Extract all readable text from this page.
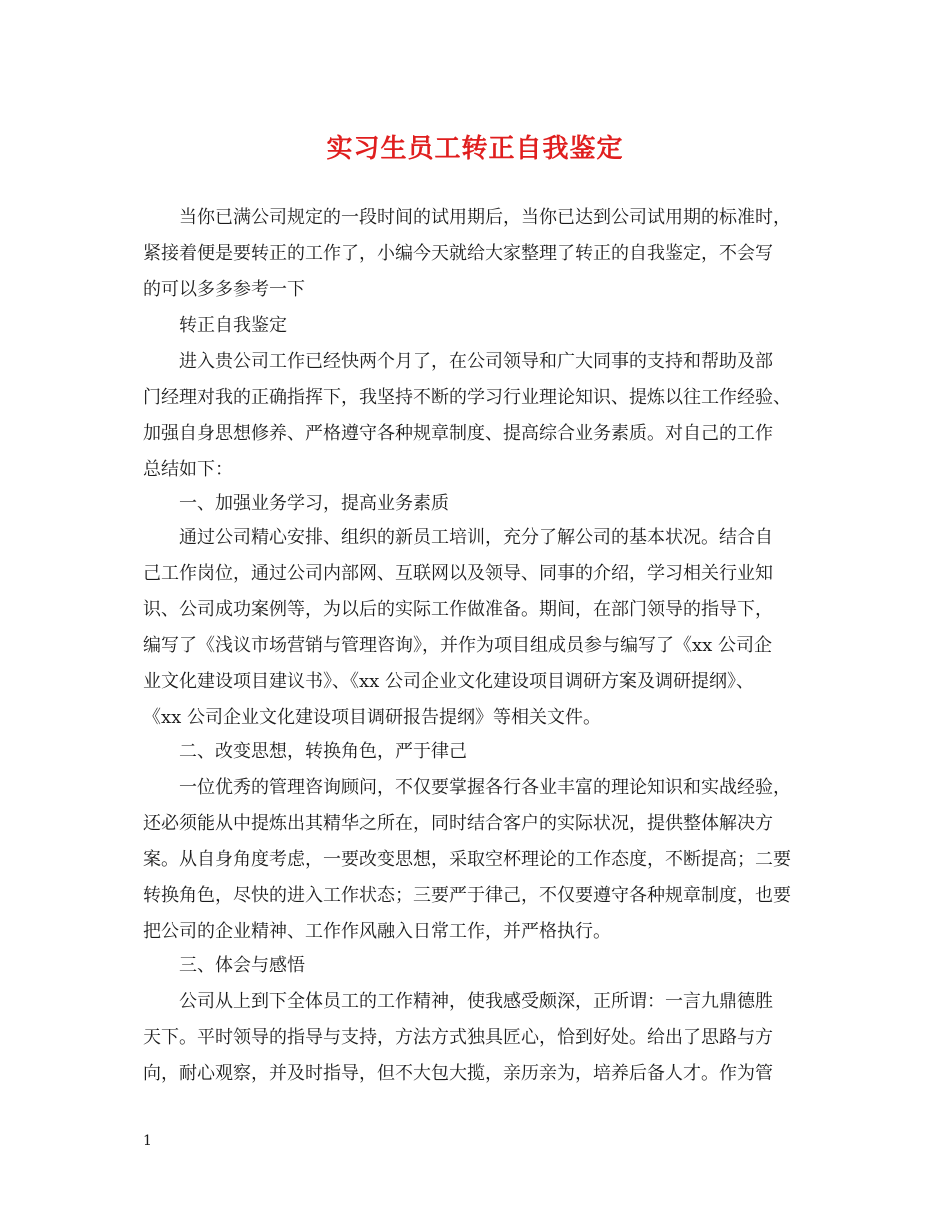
实习生员工转正自我鉴定

当你已满公司规定的一段时间的试用期后，当你已达到公司试用期的标准时，

紧接着便是要转正的工作了，小编今天就给大家整理了转正的自我鉴定，不会写

的可以多多参考一下

转正自我鉴定

进入贵公司工作已经快两个月了，在公司领导和广大同事的支持和帮助及部

门经理对我的正确指挥下，我坚持不断的学习行业理论知识、提炼以往工作经验、

加强自身思想修养、严格遵守各种规章制度、提高综合业务素质。对自己的工作

总结如下：

一、加强业务学习，提高业务素质

通过公司精心安排、组织的新员工培训，充分了解公司的基本状况。结合自

己工作岗位，通过公司内部网、互联网以及领导、同事的介绍，学习相关行业知

识、公司成功案例等，为以后的实际工作做准备。期间，在部门领导的指导下，

编写了《浅议市场营销与管理咨询》，并作为项目组成员参与编写了《xx 公司企

业文化建设项目建议书》、《xx 公司企业文化建设项目调研方案及调研提纲》、

《xx 公司企业文化建设项目调研报告提纲》等相关文件。

二、改变思想，转换角色，严于律己

一位优秀的管理咨询顾问，不仅要掌握各行各业丰富的理论知识和实战经验，

还必须能从中提炼出其精华之所在，同时结合客户的实际状况，提供整体解决方

案。从自身角度考虑，一要改变思想，采取空杯理论的工作态度，不断提高；二要

转换角色，尽快的进入工作状态；三要严于律己，不仅要遵守各种规章制度，也要

把公司的企业精神、工作作风融入日常工作，并严格执行。

三、体会与感悟

公司从上到下全体员工的工作精神，使我感受颇深，正所谓：一言九鼎德胜

天下。平时领导的指导与支持，方法方式独具匠心，恰到好处。给出了思路与方

向，耐心观察，并及时指导，但不大包大揽，亲历亲为，培养后备人才。作为管

1
